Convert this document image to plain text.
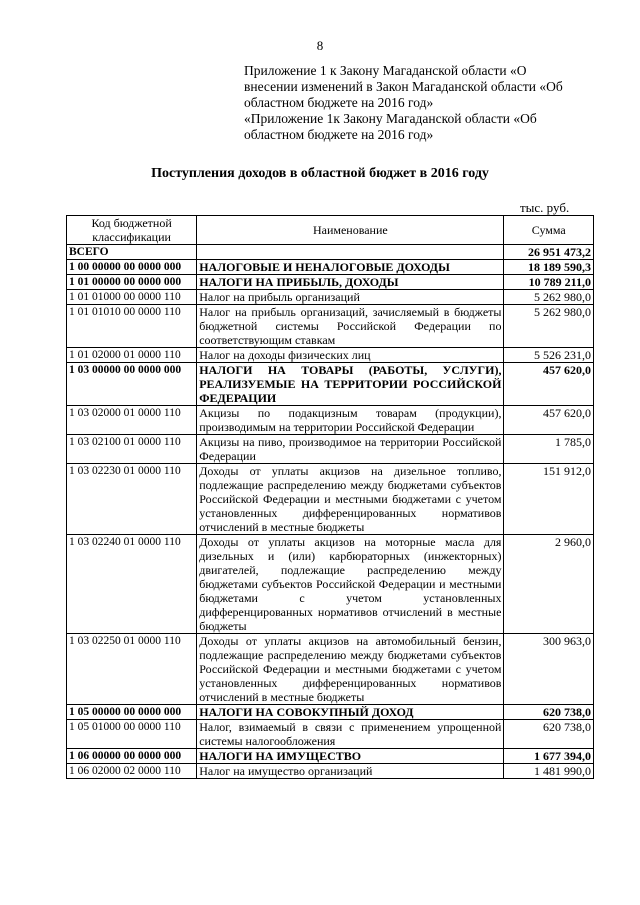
8
Приложение 1 к Закону Магаданской области «О
внесении изменений в Закон Магаданской области «Об
областном бюджете на 2016 год»
«Приложение 1к Закону Магаданской области «Об
областном бюджете на 2016 год»
Поступления доходов в областной бюджет в 2016 году
тыс. руб.
Код бюджетной классификации	Наименование	Сумма
ВСЕГО		26 951 473,2
1 00 00000 00 0000 000	НАЛОГОВЫЕ И НЕНАЛОГОВЫЕ ДОХОДЫ	18 189 590,3
1 01 00000 00 0000 000	НАЛОГИ НА ПРИБЫЛЬ, ДОХОДЫ	10 789 211,0
1 01 01000 00 0000 110	Налог на прибыль организаций	5 262 980,0
1 01 01010 00 0000 110	Налог на прибыль организаций, зачисляемый в бюджеты бюджетной системы Российской Федерации по соответствующим ставкам	5 262 980,0
1 01 02000 01 0000 110	Налог на доходы физических лиц	5 526 231,0
1 03 00000 00 0000 000	НАЛОГИ НА ТОВАРЫ (РАБОТЫ, УСЛУГИ), РЕАЛИЗУЕМЫЕ НА ТЕРРИТОРИИ РОССИЙСКОЙ ФЕДЕРАЦИИ	457 620,0
1 03 02000 01 0000 110	Акцизы по подакцизным товарам (продукции), производимым на территории Российской Федерации	457 620,0
1 03 02100 01 0000 110	Акцизы на пиво, производимое на территории Российской Федерации	1 785,0
1 03 02230 01 0000 110	Доходы от уплаты акцизов на дизельное топливо, подлежащие распределению между бюджетами субъектов Российской Федерации и местными бюджетами с учетом установленных дифференцированных нормативов отчислений в местные бюджеты	151 912,0
1 03 02240 01 0000 110	Доходы от уплаты акцизов на моторные масла для дизельных и (или) карбюраторных (инжекторных) двигателей, подлежащие распределению между бюджетами субъектов Российской Федерации и местными бюджетами с учетом установленных дифференцированных нормативов отчислений в местные бюджеты	2 960,0
1 03 02250 01 0000 110	Доходы от уплаты акцизов на автомобильный бензин, подлежащие распределению между бюджетами субъектов Российской Федерации и местными бюджетами с учетом установленных дифференцированных нормативов отчислений в местные бюджеты	300 963,0
1 05 00000 00 0000 000	НАЛОГИ НА СОВОКУПНЫЙ ДОХОД	620 738,0
1 05 01000 00 0000 110	Налог, взимаемый в связи с применением упрощенной системы налогообложения	620 738,0
1 06 00000 00 0000 000	НАЛОГИ НА ИМУЩЕСТВО	1 677 394,0
1 06 02000 02 0000 110	Налог на имущество организаций	1 481 990,0
